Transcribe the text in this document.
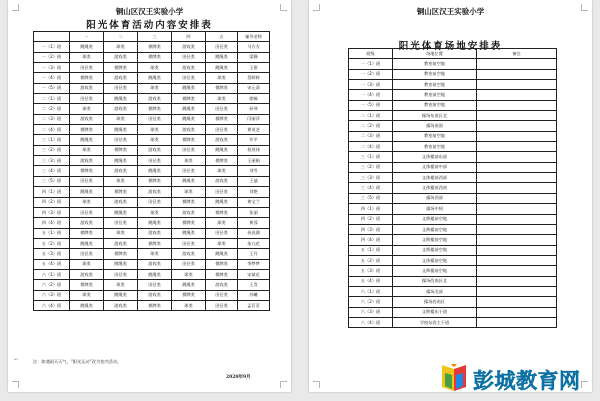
铜山区汉王实验小学
阳光体育活动内容安排表
	一	二	三	四	五	辅导老师
一（1）班	跳绳类	球类	棋牌类	游戏类	田径类	马方方
一（2）班	球类	游戏类	棋牌类	田径类	跳绳类	梁静
一（3）班	田径类	棋牌类	球类	游戏类	跳绳类	王银
一（4）班	棋牌类	游戏类	跳绳类	田径类	球类	蔡婷婷
一（5）班	游戏类	田径类	球类	跳绳类	棋牌类	宋元清
二（1）班	田径类	跳绳类	游戏类	棋牌类	球类	徐畅
二（2）班	球类	游戏类	棋牌类	跳绳类	田径类	孙琴
二（3）班	游戏类	球类	田径类	跳绳类	棋牌类	闫丽萍
二（4）班	棋牌类	跳绳类	球类	游戏类	田径类	黄英芝
三（1）班	跳绳类	田径类	球类	棋牌类	游戏类	许平
三（2）班	球类	棋牌类	游戏类	田径类	跳绳类	权茂伟
三（3）班	游戏类	跳绳类	田径类	球类	棋牌类	王丽娟
三（4）班	棋牌类	游戏类	跳绳类	田径类	球类	刘雪
三（5）班	田径类	球类	棋牌类	跳绳类	游戏类	王迪
四（1）班	跳绳类	棋牌类	游戏类	球类	田径类	刘艳
四（2）班	球类	游戏类	田径类	棋牌类	跳绳类	黄宝兰
四（3）班	田径类	跳绳类	球类	游戏类	棋牌类	张丽
四（4）班	游戏类	田径类	跳绳类	棋牌类	球类	黄蓉
五（1）班	棋牌类	球类	游戏类	跳绳类	田径类	孙虎湖
五（2）班	跳绳类	游戏类	棋牌类	田径类	球类	朱亢花
五（3）班	田径类	棋牌类	球类	游戏类	跳绳类	王丹
五（4）班	球类	跳绳类	游戏类	田径类	棋牌类	李梦梦
六（1）班	游戏类	田径类	跳绳类	球类	棋牌类	宋斌花
六（2）班	棋牌类	球类	田径类	跳绳类	游戏类	王青
六（3）班	球类	跳绳类	游戏类	棋牌类	田径类	苏曦
六（4）班	跳绳类	游戏类	棋牌类	球类	田径类	孟茗茗
注：如遇雨天天气，“阳光运动”改为室内活动。
2020年9月
↵
铜山区汉王实验小学
阳光体育场地安排表
班级	场地位置	备注
一（1）班	教室前空地	
一（2）班	教室前空地	
一（3）班	教室前空地	
一（4）班	教室前空地	
一（5）班	教室前空地	
二（1）班	操场东南区北	
二（2）班	操场南面	
二（3）班	教室前空地	
二（4）班	教室前空地	
三（1）班	文体楼前东部	
三（2）班	文体楼前中部	
三（3）班	文体楼前西部	
三（4）班	文体楼前西南	
三（5）班	操场西部	
四（1）班	操场中间	
四（2）班	文辉楼前空地	
四（3）班	文辉楼前空地	
四（4）班	文辉楼前空地	
五（1）班	文辉楼前空地	
五（2）班	文体楼前空地	
五（3）班	文辉楼前空地	
五（4）班	操场西南区北	
六（1）班	操场北部	
六（2）班	操场西南区	
六（3）班	文辉楼东干道	
六（4）班	学校东西主干道	
彭城教育网
